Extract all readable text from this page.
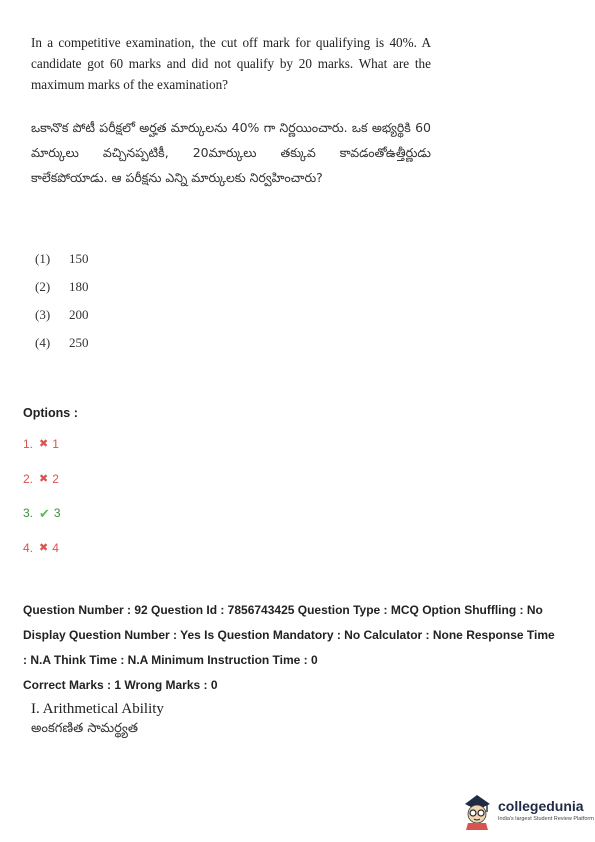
In a competitive examination, the cut off mark for qualifying is 40%. A candidate got 60 marks and did not qualify by 20 marks. What are the maximum marks of the examination?
ఒకానొక పోటీ పరీక్షలో అర్హత మార్కులను 40% గా నిర్ణయించారు. ఒక అభ్యర్థికి 60 మార్కులు వచ్చినప్పటికీ, 20మార్కులు తక్కువ కావడంతోఉత్తీర్ణుడు కాలేకపోయాడు. ఆ పరీక్షను ఎన్ని మార్కులకు నిర్వహించారు?
(1)	150
(2)	180
(3)	200
(4)	250
Options :
1. ✖ 1
2. ✖ 2
3. ✔ 3
4. ✖ 4
Question Number : 92 Question Id : 7856743425 Question Type : MCQ Option Shuffling : No
Display Question Number : Yes Is Question Mandatory : No Calculator : None Response Time
: N.A Think Time : N.A Minimum Instruction Time : 0
Correct Marks : 1 Wrong Marks : 0
I. Arithmetical Ability
అంకగణిత సామర్థ్యత
collegedunia
India's largest Student Review Platform
